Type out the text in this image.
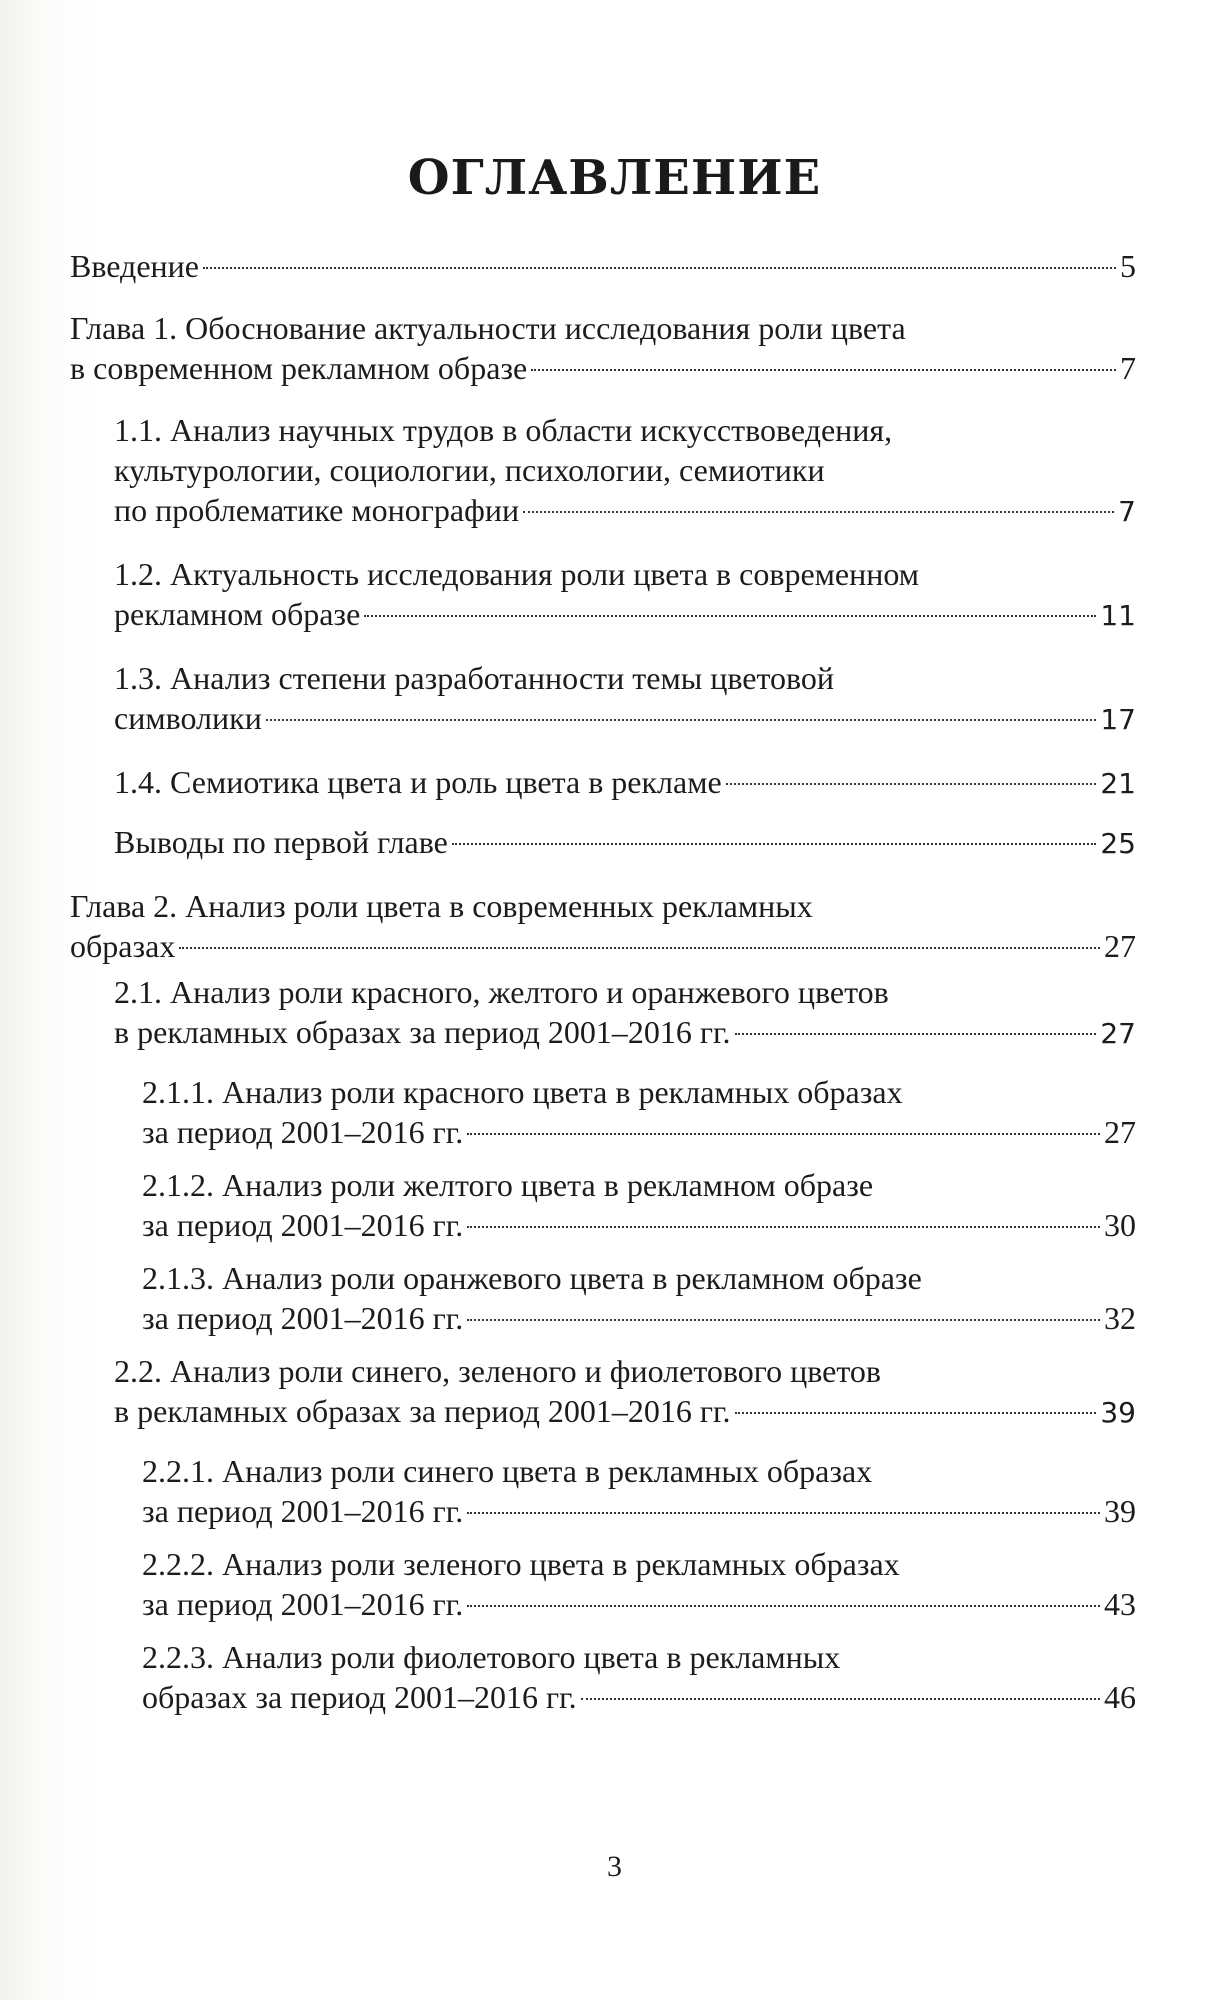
ОГЛАВЛЕНИЕ
Введение	5
Глава 1. Обоснование актуальности исследования роли цвета
в современном рекламном образе	7
1.1. Анализ научных трудов в области искусствоведения,
культурологии, социологии, психологии, семиотики
по проблематике монографии	7
1.2. Актуальность исследования роли цвета в современном
рекламном образе	11
1.3. Анализ степени разработанности темы цветовой
символики	17
1.4. Семиотика цвета и роль цвета в рекламе	21
Выводы по первой главе	25
Глава 2. Анализ роли цвета в современных рекламных
образах	27
2.1. Анализ роли красного, желтого и оранжевого цветов
в рекламных образах за период 2001–2016 гг.	27
2.1.1. Анализ роли красного цвета в рекламных образах
за период 2001–2016 гг.	27
2.1.2. Анализ роли желтого цвета в рекламном образе
за период 2001–2016 гг.	30
2.1.3. Анализ роли оранжевого цвета в рекламном образе
за период 2001–2016 гг.	32
2.2. Анализ роли синего, зеленого и фиолетового цветов
в рекламных образах за период 2001–2016 гг.	39
2.2.1. Анализ роли синего цвета в рекламных образах
за период 2001–2016 гг.	39
2.2.2. Анализ роли зеленого цвета в рекламных образах
за период 2001–2016 гг.	43
2.2.3. Анализ роли фиолетового цвета в рекламных
образах за период 2001–2016 гг.	46
3
